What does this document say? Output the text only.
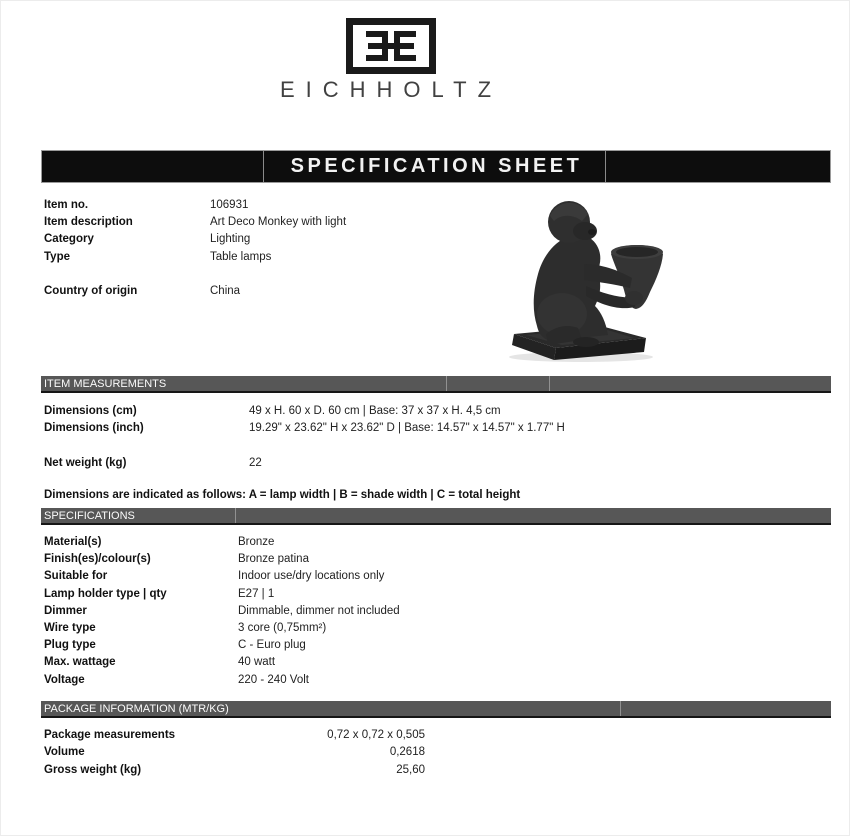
EICHHOLTZ
SPECIFICATION SHEET
Item no.	106931
Item description	Art Deco Monkey with light
Category	Lighting
Type	Table lamps
Country of origin	China
ITEM MEASUREMENTS
Dimensions (cm)	49 x H. 60 x D. 60 cm | Base: 37 x 37 x H. 4,5 cm
Dimensions (inch)	19.29" x 23.62" H x 23.62" D | Base: 14.57" x 14.57" x 1.77" H
Net weight (kg)	22
Dimensions are indicated as follows: A = lamp width | B = shade width | C = total height
SPECIFICATIONS
Material(s)	Bronze
Finish(es)/colour(s)	Bronze patina
Suitable for	Indoor use/dry locations only
Lamp holder type | qty	E27 | 1
Dimmer	Dimmable, dimmer not included
Wire type	3 core (0,75mm²)
Plug type	C - Euro plug
Max. wattage	40 watt
Voltage	220 - 240 Volt
PACKAGE INFORMATION (MTR/KG)
Package measurements	0,72 x 0,72 x 0,505
Volume	0,2618
Gross weight (kg)	25,60
